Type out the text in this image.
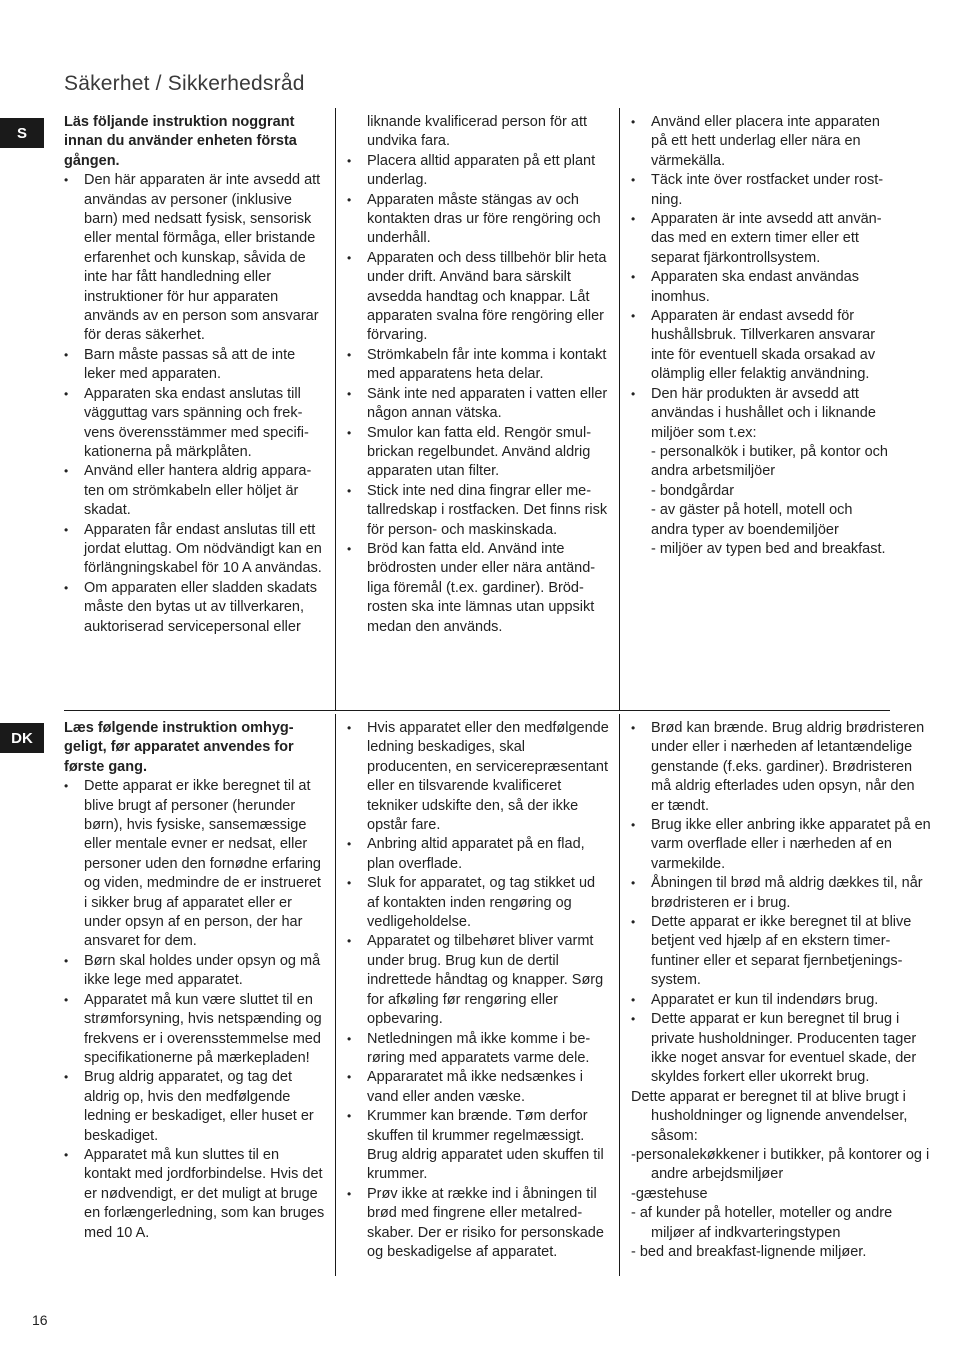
Säkerhet / Sikkerhedsråd
S
DK
Läs följande instruktion noggrant innan du använder enheten första gången.
• Den här apparaten är inte avsedd att användas av personer (inklusive barn) med nedsatt fysisk, sensorisk eller mental förmåga, eller bristande erfarenhet och kunskap, såvida de inte har fått handledning eller instruktioner för hur apparaten används av en person som ansvarar för deras säkerhet.
• Barn måste passas så att de inte leker med apparaten.
• Apparaten ska endast anslutas till vägguttag vars spänning och frekvens överensstämmer med specifikationerna på märkplåten.
• Använd eller hantera aldrig apparaten om strömkabeln eller höljet är skadat.
• Apparaten får endast anslutas till ett jordat eluttag. Om nödvändigt kan en förlängningskabel för 10 A användas.
• Om apparaten eller sladden skadats måste den bytas ut av tillverkaren, auktoriserad servicepersonal eller
liknande kvalificerad person för att undvika fara.
• Placera alltid apparaten på ett plant underlag.
• Apparaten måste stängas av och kontakten dras ur före rengöring och underhåll.
• Apparaten och dess tillbehör blir heta under drift. Använd bara särskilt avsedda handtag och knappar. Låt apparaten svalna före rengöring eller förvaring.
• Strömkabeln får inte komma i kontakt med apparatens heta delar.
• Sänk inte ned apparaten i vatten eller någon annan vätska.
• Smulor kan fatta eld. Rengör smulbrickan regelbundet. Använd aldrig apparaten utan filter.
• Stick inte ned dina fingrar eller metallredskap i rostfacken. Det finns risk för person- och maskinskada.
• Bröd kan fatta eld. Använd inte brödrosten under eller nära antändliga föremål (t.ex. gardiner). Brödrosten ska inte lämnas utan uppsikt medan den används.
• Använd eller placera inte apparaten på ett hett underlag eller nära en värmekälla.
• Täck inte över rostfacket under rostning.
• Apparaten är inte avsedd att användas med en extern timer eller ett separat fjärkontrollsystem.
• Apparaten ska endast användas inomhus.
• Apparaten är endast avsedd för hushållsbruk. Tillverkaren ansvarar inte för eventuell skada orsakad av olämplig eller felaktig användning.
• Den här produkten är avsedd att användas i hushållet och i liknande miljöer som t.ex:
- personalkök i butiker, på kontor och andra arbetsmiljöer
- bondgårdar
- av gäster på hotell, motell och andra typer av boendemiljöer
- miljöer av typen bed and breakfast.
Læs følgende instruktion omhyggeligt, før apparatet anvendes for første gang.
• Dette apparat er ikke beregnet til at blive brugt af personer (herunder børn), hvis fysiske, sansemæssige eller mentale evner er nedsat, eller personer uden den fornødne erfaring og viden, medmindre de er instrueret i sikker brug af apparatet eller er under opsyn af en person, der har ansvaret for dem.
• Børn skal holdes under opsyn og må ikke lege med apparatet.
• Apparatet må kun være sluttet til en strømforsyning, hvis netspænding og frekvens er i overensstemmelse med specifikationerne på mærkepladen!
• Brug aldrig apparatet, og tag det aldrig op, hvis den medfølgende ledning er beskadiget, eller huset er beskadiget.
• Apparatet må kun sluttes til en kontakt med jordforbindelse. Hvis det er nødvendigt, er det muligt at bruge en forlængerledning, som kan bruges med 10 A.
• Hvis apparatet eller den medfølgende ledning beskadiges, skal producenten, en servicerepræsentant eller en tilsvarende kvalificeret tekniker udskifte den, så der ikke opstår fare.
• Anbring altid apparatet på en flad, plan overflade.
• Sluk for apparatet, og tag stikket ud af kontakten inden rengøring og vedligeholdelse.
• Apparatet og tilbehøret bliver varmt under brug. Brug kun de dertil indrettede håndtag og knapper. Sørg for afkøling før rengøring eller opbevaring.
• Netledningen må ikke komme i berøring med apparatets varme dele.
• Appararatet må ikke nedsænkes i vand eller anden væske.
• Krummer kan brænde. Tøm derfor skuffen til krummer regelmæssigt. Brug aldrig apparatet uden skuffen til krummer.
• Prøv ikke at række ind i åbningen til brød med fingrene eller metalredskaber. Der er risiko for personskade og beskadigelse af apparatet.
• Brød kan brænde. Brug aldrig brødristeren under eller i nærheden af letantændelige genstande (f.eks. gardiner). Brødristeren må aldrig efterlades uden opsyn, når den er tændt.
• Brug ikke eller anbring ikke apparatet på en varm overflade eller i nærheden af en varmekilde.
• Åbningen til brød må aldrig dækkes til, når brødristeren er i brug.
• Dette apparat er ikke beregnet til at blive betjent ved hjælp af en ekstern timerfuntiner eller et separat fjernbetjeningssystem.
• Apparatet er kun til indendørs brug.
• Dette apparat er kun beregnet til brug i private husholdninger. Producenten tager ikke noget ansvar for eventuel skade, der skyldes forkert eller ukorrekt brug.
Dette apparat er beregnet til at blive brugt i husholdninger og lignende anvendelser, såsom:
-personalekøkkener i butikker, på kontorer og i andre arbejdsmiljøer
-gæstehuse
- af kunder på hoteller, moteller og andre miljøer af indkvarteringstypen
- bed and breakfast-lignende miljøer.
16
